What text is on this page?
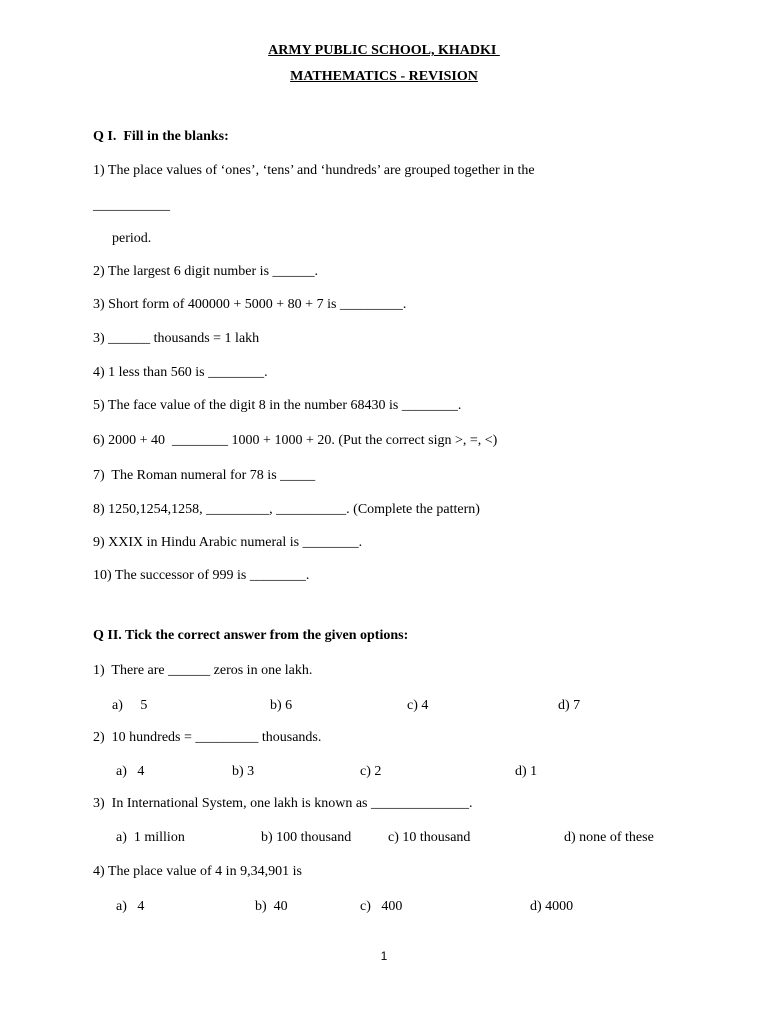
ARMY PUBLIC SCHOOL, KHADKI
MATHEMATICS - REVISION
Q I.  Fill in the blanks:
1) The place values of ‘ones’, ‘tens’ and ‘hundreds’ are grouped together in the
___________
period.
2) The largest 6 digit number is ______.
3) Short form of 400000 + 5000 + 80 + 7 is _________.
3) ______ thousands = 1 lakh
4) 1 less than 560 is ________.
5) The face value of the digit 8 in the number 68430 is ________.
6) 2000 + 40  ________ 1000 + 1000 + 20. (Put the correct sign >, =, <)
7)  The Roman numeral for 78 is _____
8) 1250,1254,1258, _________, __________. (Complete the pattern)
9) XXIX in Hindu Arabic numeral is ________.
10) The successor of 999 is ________.
Q II. Tick the correct answer from the given options:
1)  There are ______ zeros in one lakh.
a)     5	b) 6	c) 4	d) 7
2)  10 hundreds = _________ thousands.
a)   4	b) 3	c) 2	d) 1
3)  In International System, one lakh is known as ______________.
a)  1 million	b) 100 thousand	c) 10 thousand	d) none of these
4) The place value of 4 in 9,34,901 is
a)   4	b)  40	c)   400	d) 4000
1
